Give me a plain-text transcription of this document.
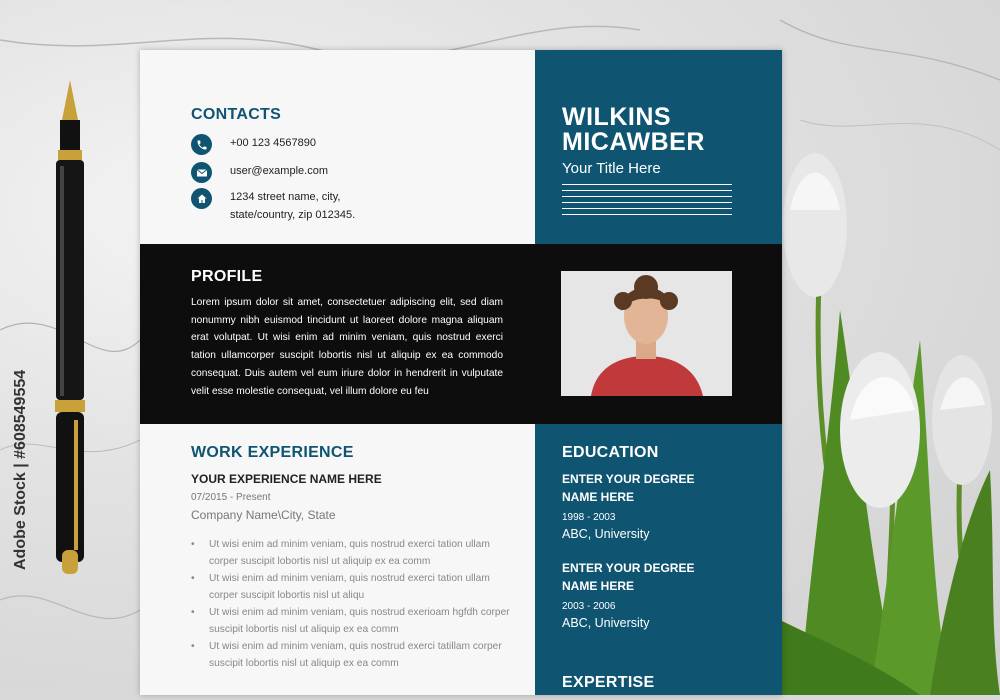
Adobe Stock | #608549554
CONTACTS
+00 123 4567890
user@example.com
1234 street name, city,
state/country, zip 012345.
WILKINS
MICAWBER
Your Title Here
PROFILE
Lorem ipsum dolor sit amet, consectetuer adipiscing elit, sed diam nonummy nibh euismod tincidunt ut laoreet dolore magna aliquam erat volutpat. Ut wisi enim ad minim veniam, quis nostrud exerci tation ullamcorper suscipit lobortis nisl ut aliquip ex ea commodo consequat. Duis autem vel eum iriure dolor in hendrerit in vulputate velit esse molestie consequat, vel illum dolore eu feu
WORK EXPERIENCE
YOUR EXPERIENCE NAME HERE
07/2015 - Present
Company Name\City, State
• Ut wisi enim ad minim veniam, quis nostrud exerci tation ullam corper suscipit lobortis nisl ut aliquip ex ea comm
• Ut wisi enim ad minim veniam, quis nostrud exerci tation ullam corper suscipit lobortis nisl ut aliqu
• Ut wisi enim ad minim veniam, quis nostrud exerioam hgfdh corper suscipit lobortis nisl ut aliquip ex ea comm
• Ut wisi enim ad minim veniam, quis nostrud exerci tatillam corper suscipit lobortis nisl ut aliquip ex ea comm
EDUCATION
ENTER YOUR DEGREE
NAME HERE
1998 - 2003
ABC, University
ENTER YOUR DEGREE
NAME HERE
2003 - 2006
ABC, University
EXPERTISE
